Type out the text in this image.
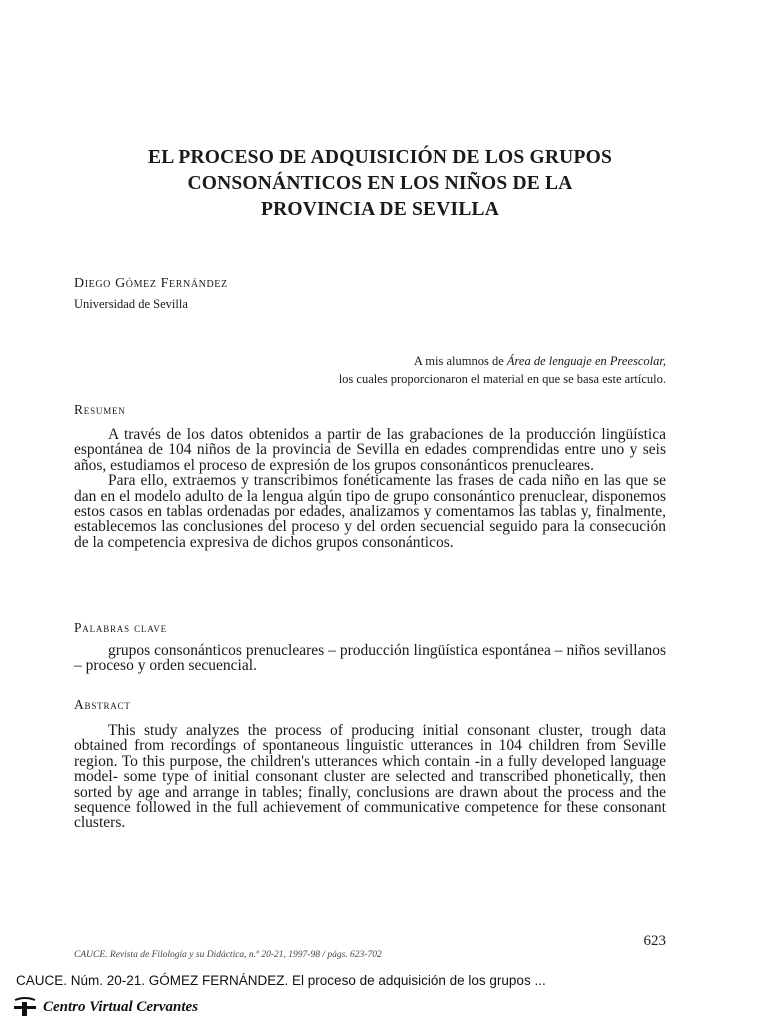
EL PROCESO DE ADQUISICIÓN DE LOS GRUPOS
CONSONÁNTICOS EN LOS NIÑOS DE LA
PROVINCIA DE SEVILLA
Diego Gómez Fernández
Universidad de Sevilla
A mis alumnos de Área de lenguaje en Preescolar,
los cuales proporcionaron el material en que se basa este artículo.
Resumen

A través de los datos obtenidos a partir de las grabaciones de la producción lingüística espontánea de 104 niños de la provincia de Sevilla en edades comprendidas entre uno y seis años, estudiamos el proceso de expresión de los grupos consonánticos prenucleares.

Para ello, extraemos y transcribimos fonéticamente las frases de cada niño en las que se dan en el modelo adulto de la lengua algún tipo de grupo consonántico prenuclear, disponemos estos casos en tablas ordenadas por edades, analizamos y comentamos las tablas y, finalmente, establecemos las conclusiones del proceso y del orden secuencial seguido para la consecución de la competencia expresiva de dichos grupos consonánticos.

Palabras clave

grupos consonánticos prenucleares – producción lingüística espontánea – niños sevillanos – proceso y orden secuencial.

Abstract

This study analyzes the process of producing initial consonant cluster, trough data obtained from recordings of spontaneous linguistic utterances in 104 children from Seville region. To this purpose, the children's utterances which contain -in a fully developed language model- some type of initial consonant cluster are selected and transcribed phonetically, then sorted by age and arrange in tables; finally, conclusions are drawn about the process and the sequence followed in the full achievement of communicative competence for these consonant clusters.

623
CAUCE. Revista de Filología y su Didáctica, n.º 20-21, 1997-98 / págs. 623-702
CAUCE. Núm. 20-21. GÓMEZ FERNÁNDEZ. El proceso de adquisición de los grupos ...
Centro Virtual Cervantes
